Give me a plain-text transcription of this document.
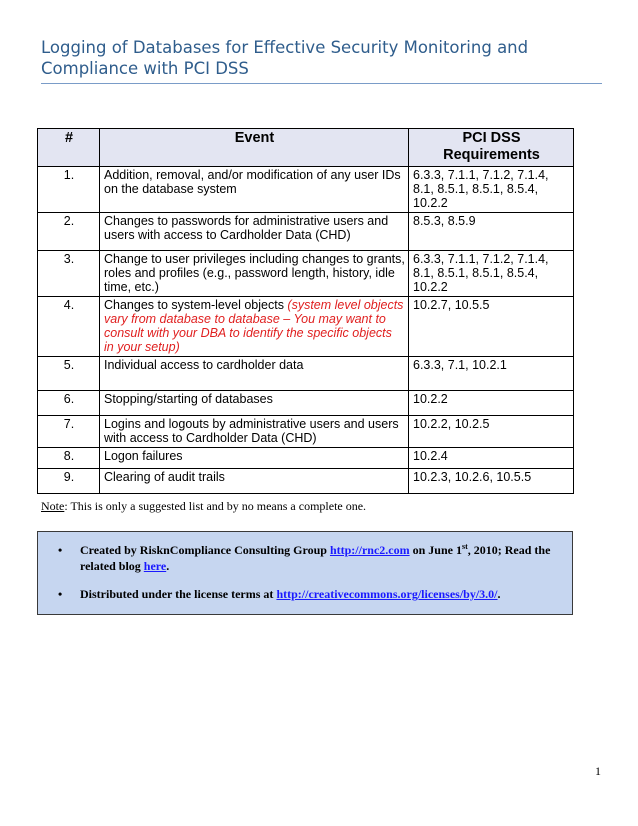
Logging of Databases for Effective Security Monitoring and
Compliance with PCI DSS
#	Event	PCI DSS
Requirements

1.	Addition, removal, and/or modification of any user IDs on the database system	6.3.3, 7.1.1, 7.1.2, 7.1.4, 8.1, 8.5.1, 8.5.1, 8.5.4, 10.2.2
2.	Changes to passwords for administrative users and users with access to Cardholder Data (CHD)	8.5.3, 8.5.9
3.	Change to user privileges including changes to grants, roles and profiles (e.g., password length, history, idle time, etc.)	6.3.3, 7.1.1, 7.1.2, 7.1.4, 8.1, 8.5.1, 8.5.1, 8.5.4, 10.2.2
4.	Changes to system-level objects (system level objects vary from database to database – You may want to consult with your DBA to identify the specific objects in your setup)	10.2.7, 10.5.5
5.	Individual access to cardholder data	6.3.3, 7.1, 10.2.1
6.	Stopping/starting of databases	10.2.2
7.	Logins and logouts by administrative users and users with access to Cardholder Data (CHD)	10.2.2, 10.2.5
8.	Logon failures	10.2.4
9.	Clearing of audit trails	10.2.3, 10.2.6, 10.5.5
Note: This is only a suggested list and by no means a complete one.
• Created by RisknCompliance Consulting Group http://rnc2.com on June 1st, 2010; Read the related blog here.
• Distributed under the license terms at http://creativecommons.org/licenses/by/3.0/.
1
